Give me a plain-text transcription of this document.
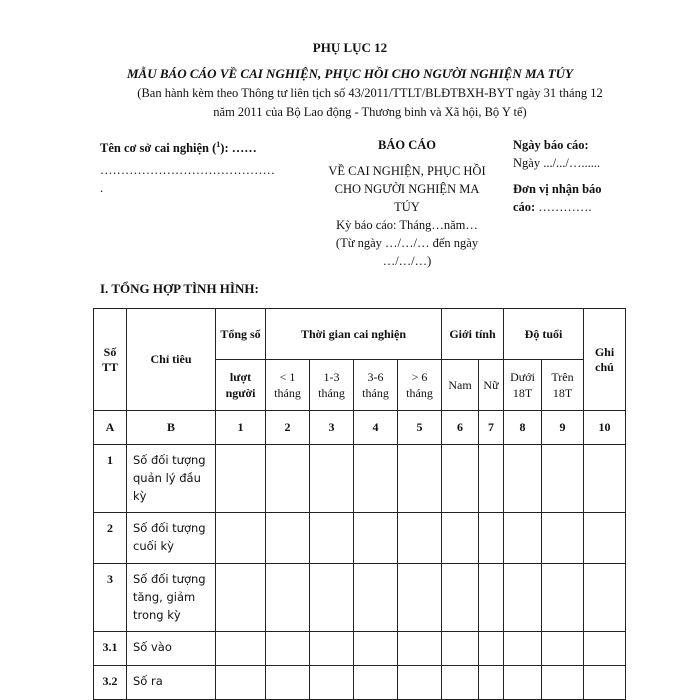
PHỤ LỤC 12
MẪU BÁO CÁO VỀ CAI NGHIỆN, PHỤC HỒI CHO NGƯỜI NGHIỆN MA TÚY
(Ban hành kèm theo Thông tư liên tịch số 43/2011/TTLT/BLĐTBXH-BYT ngày 31 tháng 12
năm 2011 của Bộ Lao động - Thương binh và Xã hội, Bộ Y tế)
Tên cơ sở cai nghiện ($^1$): ……
……………………………………
.
BÁO CÁO
VỀ CAI NGHIỆN, PHỤC HỒI
CHO NGƯỜI NGHIỆN MA
TÚY
Kỳ báo cáo: Tháng…năm…
(Từ ngày …/…/… đến ngày
…/…/…)
Ngày báo cáo:
Ngày .../.../…......
Đơn vị nhận báo
cáo: ………….
I. TỔNG HỢP TÌNH HÌNH:
Số TT	Chỉ tiêu	Tổng số	Thời gian cai nghiện				Giới tính		Độ tuổi		Ghi chú
		lượt người	< 1 tháng	1-3 tháng	3-6 tháng	> 6 tháng	Nam	Nữ	Dưới 18T	Trên 18T	
A	B	1	2	3	4	5	6	7	8	9	10
1	Số đối tượng quản lý đầu kỳ										
2	Số đối tượng cuối kỳ										
3	Số đối tượng tăng, giảm trong kỳ										
3.1	Số vào										
3.2	Số ra										
